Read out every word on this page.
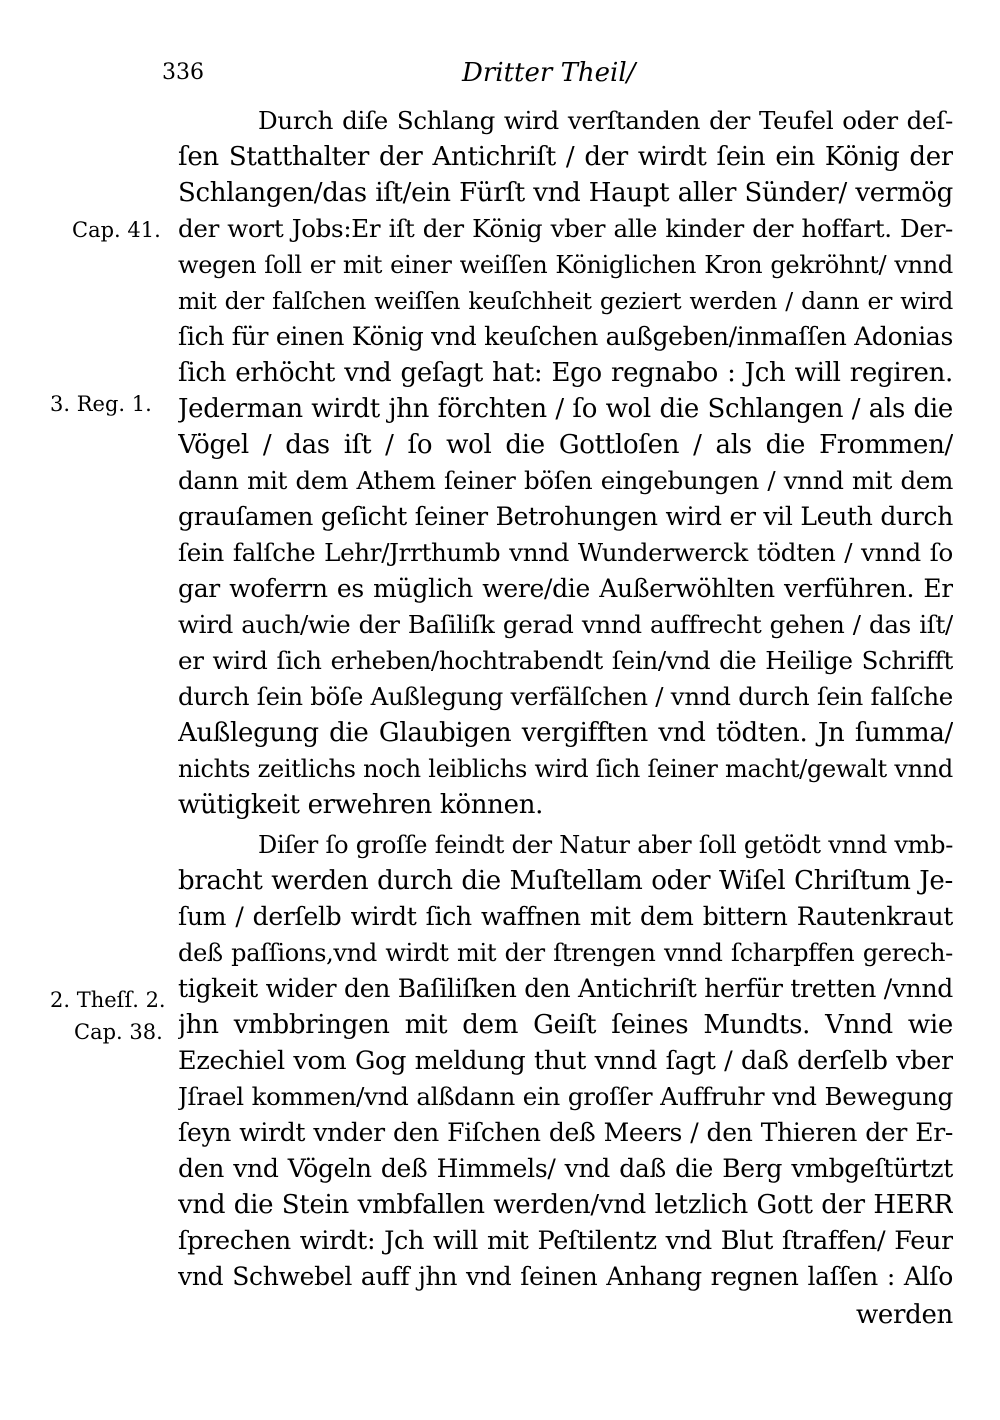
336	Dritter Theil/
Cap. 41.
3. Reg. 1.
2. Theſſ. 2.
Cap. 38.
Durch diſe Schlang wird verſtanden der Teufel oder deſ-
ſen Statthalter der Antichriſt / der wirdt ſein ein König der
Schlangen/das iſt/ein Fürſt vnd Haupt aller Sünder/ vermög
der wort Jobs:Er iſt der König vber alle kinder der hoffart. Der-
wegen ſoll er mit einer weiſſen Königlichen Kron gekröhnt/ vnnd
mit der falſchen weiſſen keuſchheit geziert werden / dann er wird
ſich für einen König vnd keuſchen außgeben/inmaſſen Adonias
ſich erhöcht vnd geſagt hat: Ego regnabo : Jch will regiren.
Jederman wirdt jhn förchten / ſo wol die Schlangen / als die
Vögel / das iſt / ſo wol die Gottloſen / als die Frommen/
dann mit dem Athem ſeiner böſen eingebungen / vnnd mit dem
grauſamen geſicht ſeiner Betrohungen wird er vil Leuth durch
ſein falſche Lehr/Jrrthumb vnnd Wunderwerck tödten / vnnd ſo
gar woferrn es müglich were/die Außerwöhlten verführen. Er
wird auch/wie der Baſiliſk gerad vnnd auffrecht gehen / das iſt/
er wird ſich erheben/hochtrabendt ſein/vnd die Heilige Schrifft
durch ſein böſe Außlegung verfälſchen / vnnd durch ſein falſche
Außlegung die Glaubigen vergifften vnd tödten. Jn ſumma/
nichts zeitlichs noch leiblichs wird ſich ſeiner macht/gewalt vnnd
wütigkeit erwehren können.
Diſer ſo groſſe feindt der Natur aber ſoll getödt vnnd vmb-
bracht werden durch die Muſtellam oder Wiſel Chriſtum Je-
ſum / derſelb wirdt ſich waffnen mit dem bittern Rautenkraut
deß paſſions,vnd wirdt mit der ſtrengen vnnd ſcharpffen gerech-
tigkeit wider den Baſiliſken den Antichriſt herfür tretten /vnnd
jhn vmbbringen mit dem Geiſt ſeines Mundts. Vnnd wie
Ezechiel vom Gog meldung thut vnnd ſagt / daß derſelb vber
Jſrael kommen/vnd alßdann ein groſſer Auffruhr vnd Bewegung
ſeyn wirdt vnder den Fiſchen deß Meers / den Thieren der Er-
den vnd Vögeln deß Himmels/ vnd daß die Berg vmbgeſtürtzt
vnd die Stein vmbfallen werden/vnd letzlich Gott der HERR
ſprechen wirdt: Jch will mit Peſtilentz vnd Blut ſtraffen/ Feur
vnd Schwebel auff jhn vnd ſeinen Anhang regnen laſſen : Alſo
werden
